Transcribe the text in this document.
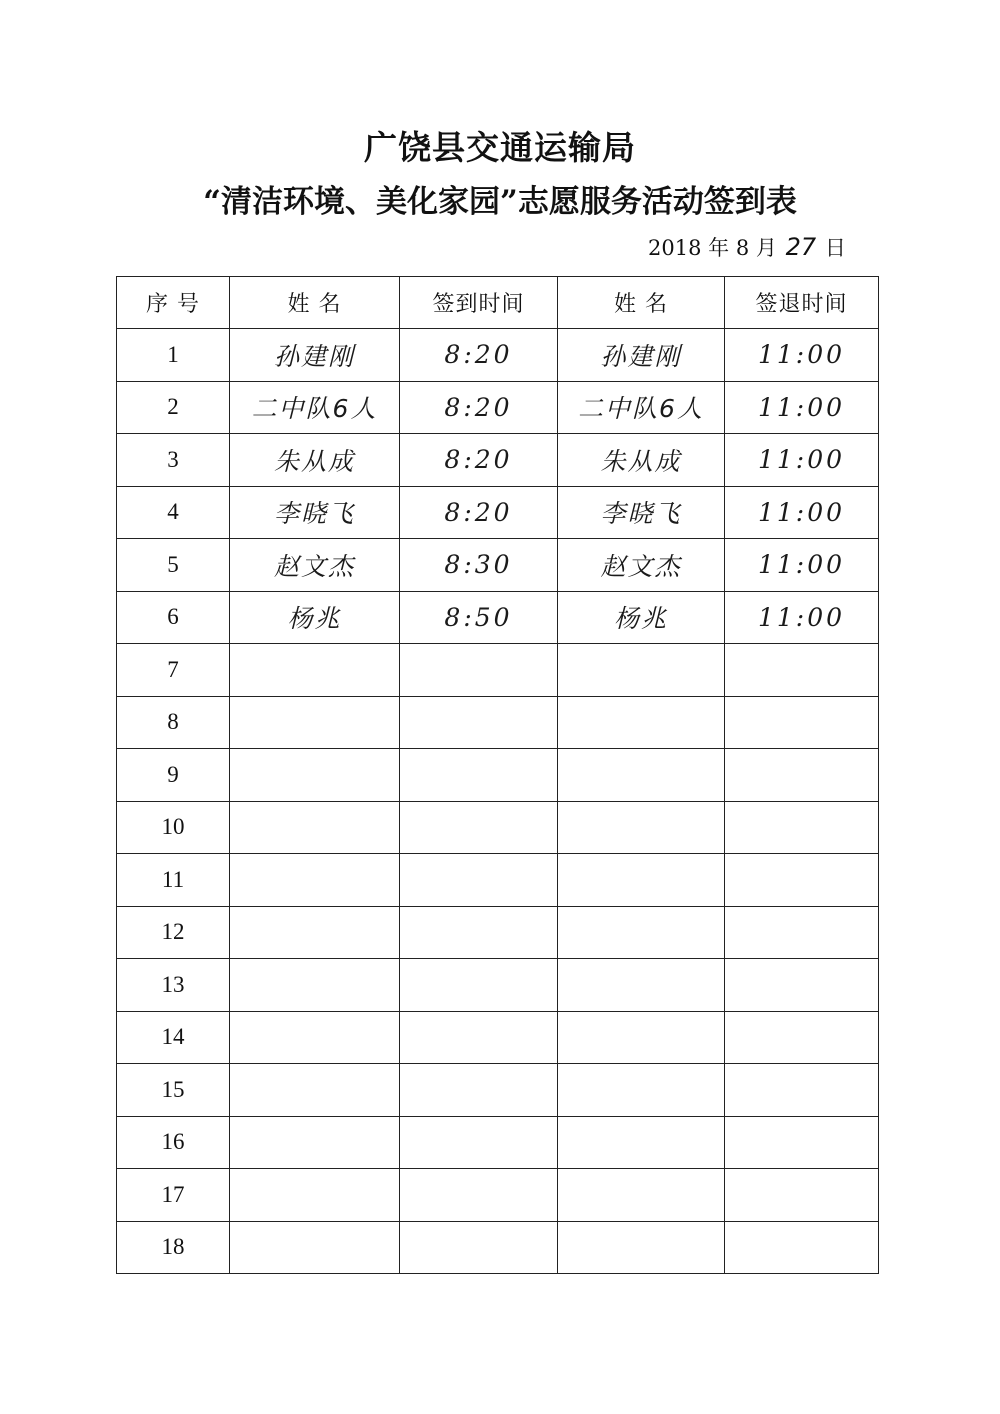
广饶县交通运输局
“清洁环境、美化家园”志愿服务活动签到表
2018 年 8 月 27 日
序 号	姓 名	签到时间	姓 名	签退时间
1	孙建刚	8:20	孙建刚	11:00
2	二中队6人	8:20	二中队6人	11:00
3	朱从成	8:20	朱从成	11:00
4	李晓飞	8:20	李晓飞	11:00
5	赵文杰	8:30	赵文杰	11:00
6	杨兆	8:50	杨兆	11:00
7				
8				
9				
10				
11				
12				
13				
14				
15				
16				
17				
18				
